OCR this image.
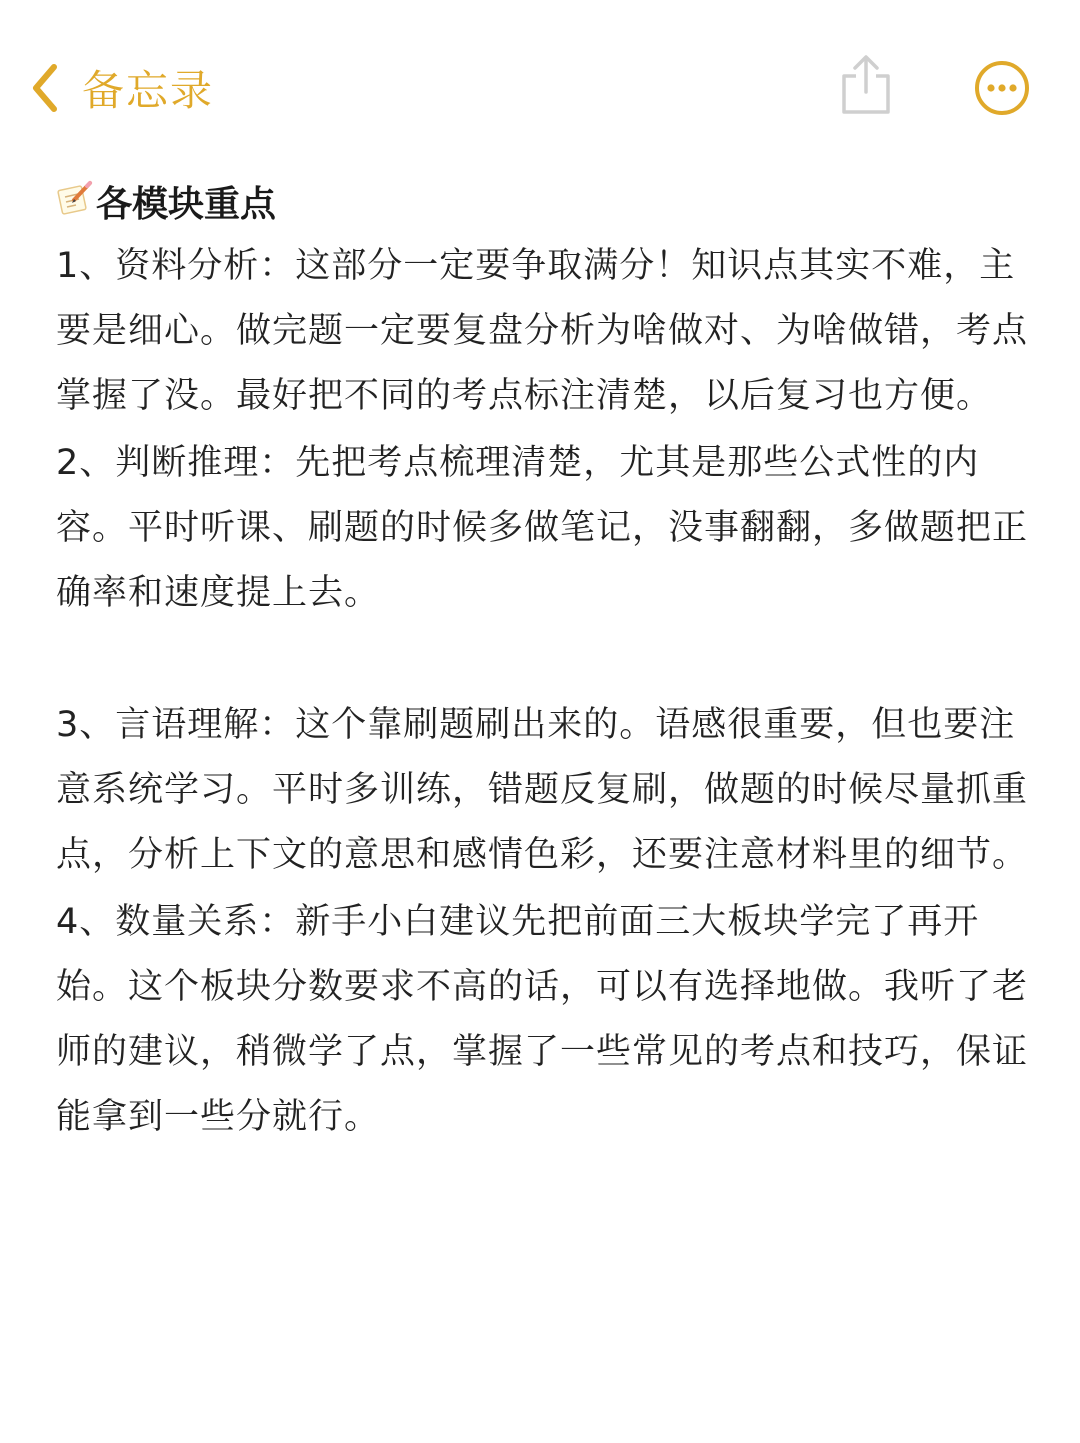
备忘录
各模块重点

1、资料分析：这部分一定要争取满分！知识点其实不难，主要是细心。做完题一定要复盘分析为啥做对、为啥做错，考点掌握了没。最好把不同的考点标注清楚，以后复习也方便。

2、判断推理：先把考点梳理清楚，尤其是那些公式性的内容。平时听课、刷题的时候多做笔记，没事翻翻，多做题把正确率和速度提上去。

3、言语理解：这个靠刷题刷出来的。语感很重要，但也要注意系统学习。平时多训练，错题反复刷，做题的时候尽量抓重点，分析上下文的意思和感情色彩，还要注意材料里的细节。

4、数量关系：新手小白建议先把前面三大板块学完了再开始。这个板块分数要求不高的话，可以有选择地做。我听了老师的建议，稍微学了点，掌握了一些常见的考点和技巧，保证能拿到一些分就行。
